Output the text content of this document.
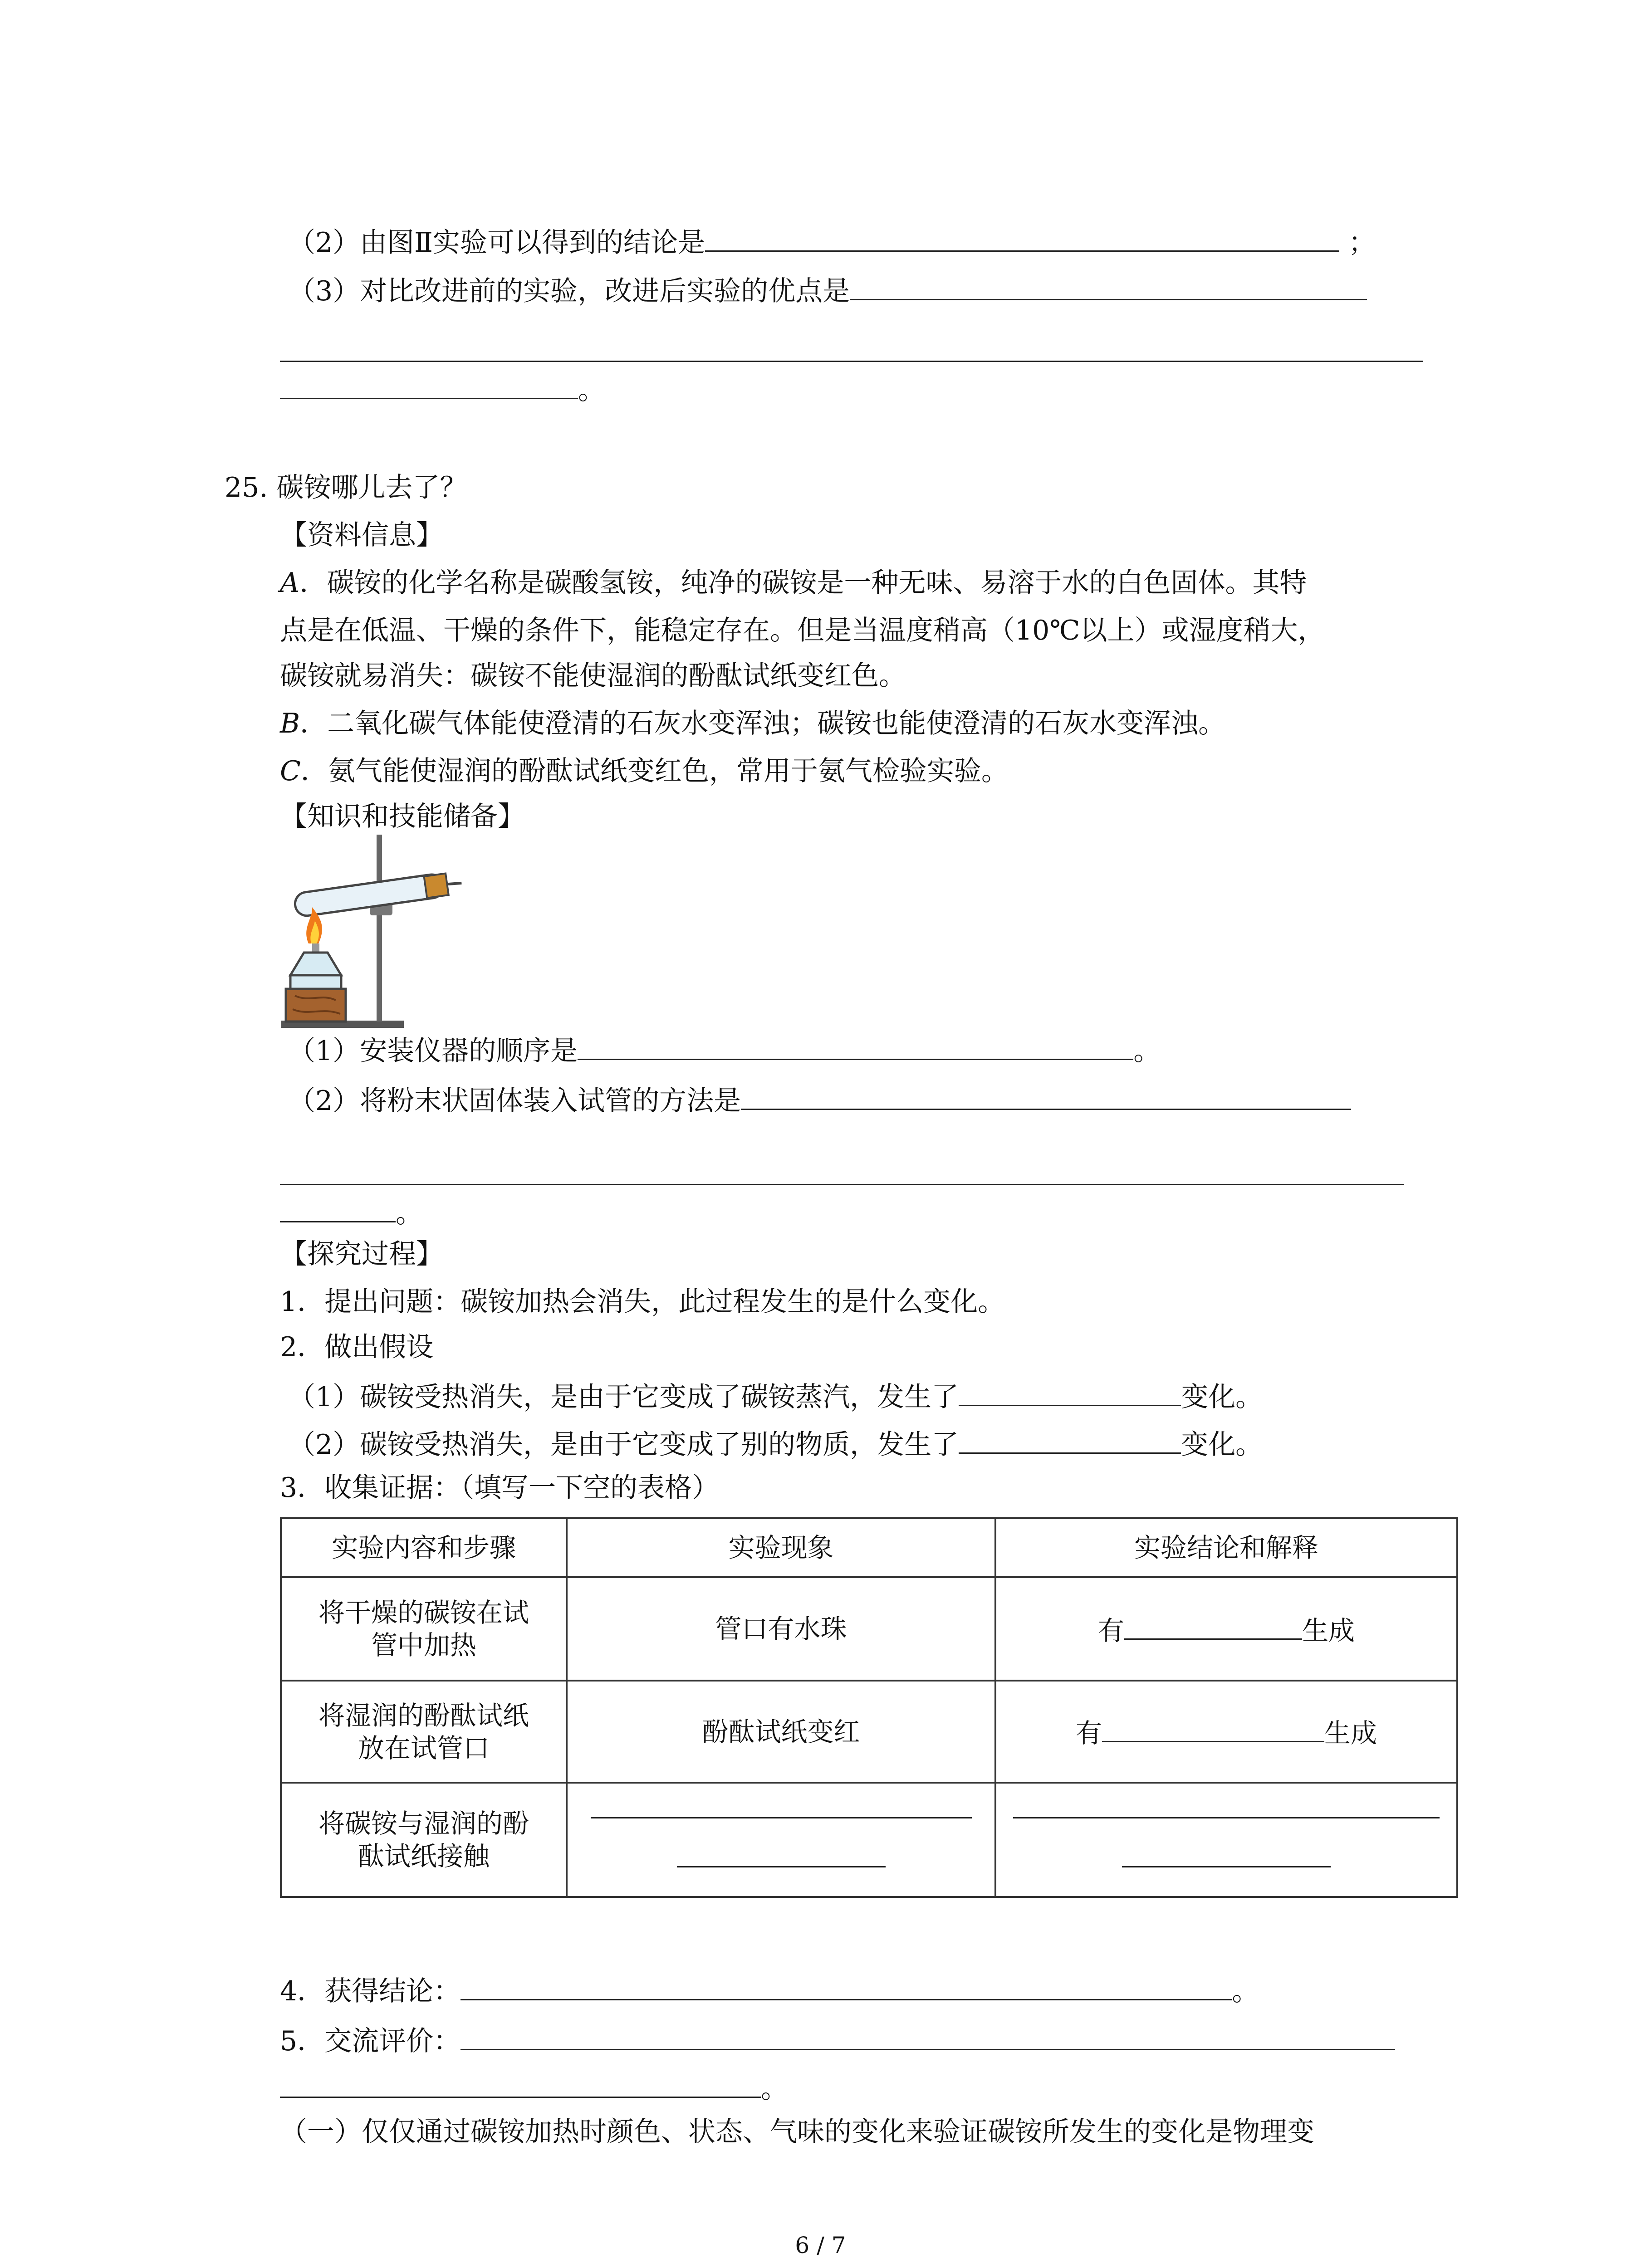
（2）由图Ⅱ实验可以得到的结论是	；
（3）对比改进前的实验，改进后实验的优点是
。
25. 碳铵哪儿去了？
【资料信息】
A．碳铵的化学名称是碳酸氢铵，纯净的碳铵是一种无味、易溶于水的白色固体。其特
点是在低温、干燥的条件下，能稳定存在。但是当温度稍高（10℃以上）或湿度稍大，
碳铵就易消失：碳铵不能使湿润的酚酞试纸变红色。
B．二氧化碳气体能使澄清的石灰水变浑浊；碳铵也能使澄清的石灰水变浑浊。
C．氨气能使湿润的酚酞试纸变红色，常用于氨气检验实验。
【知识和技能储备】
（1）安装仪器的顺序是	。
（2）将粉末状固体装入试管的方法是
。
【探究过程】
1．提出问题：碳铵加热会消失，此过程发生的是什么变化。
2．做出假设
（1）碳铵受热消失，是由于它变成了碳铵蒸汽，发生了	变化。
（2）碳铵受热消失，是由于它变成了别的物质，发生了	变化。
3．收集证据：（填写一下空的表格）
实验内容和步骤	实验现象	实验结论和解释
将干燥的碳铵在试
管中加热	管口有水珠	有 生成
将湿润的酚酞试纸
放在试管口	酚酞试纸变红	有 生成
将碳铵与湿润的酚
酞试纸接触	

4．获得结论：	。
5．交流评价：
。
（一）仅仅通过碳铵加热时颜色、状态、气味的变化来验证碳铵所发生的变化是物理变
6 / 7
